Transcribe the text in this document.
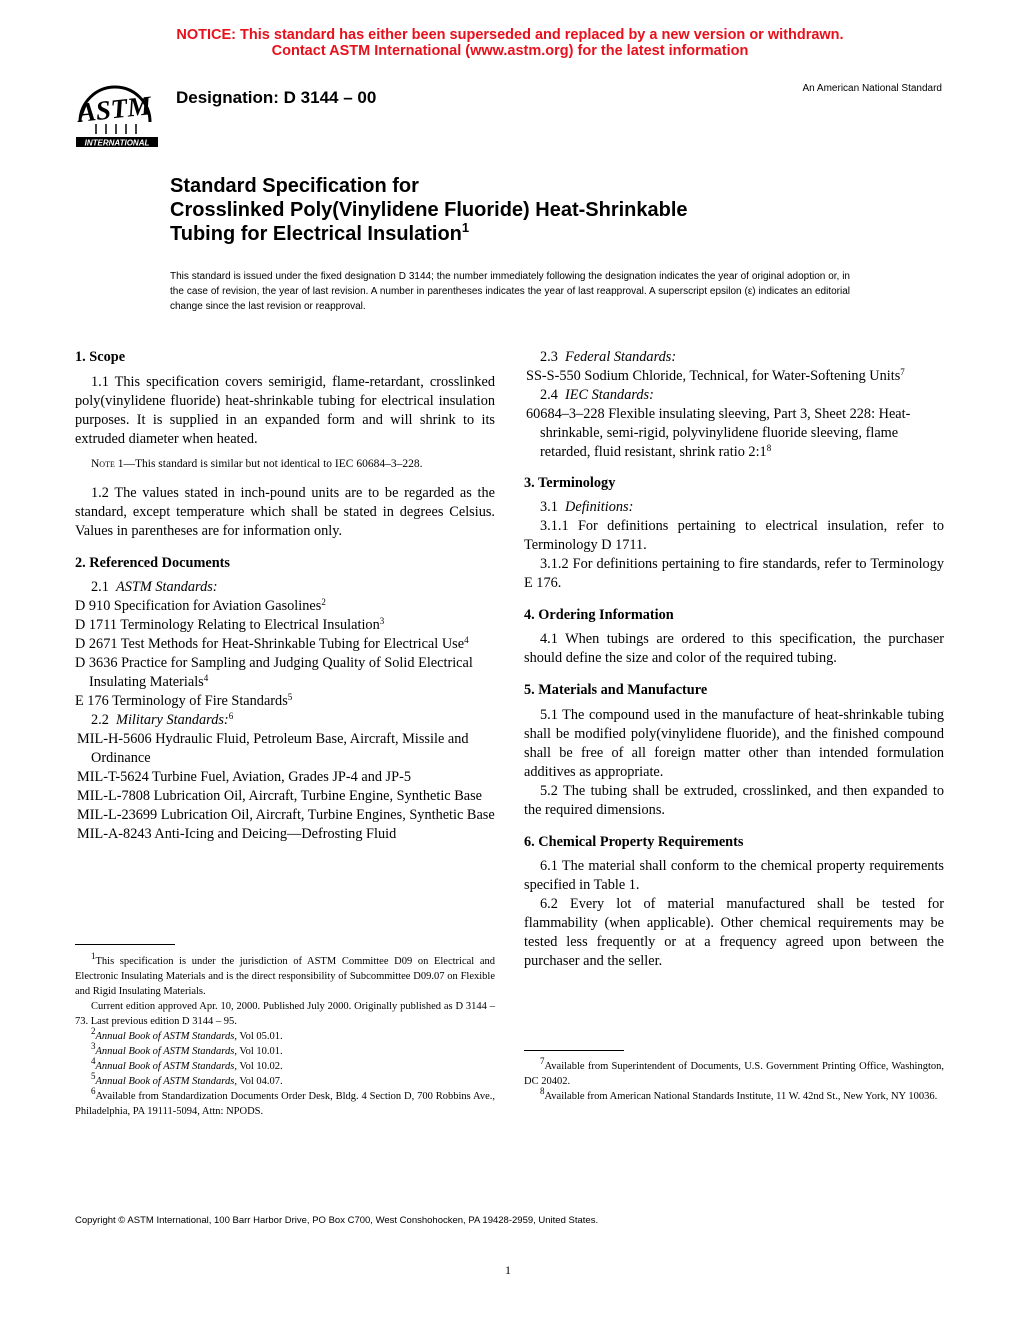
NOTICE: This standard has either been superseded and replaced by a new version or withdrawn.
Contact ASTM International (www.astm.org) for the latest information
ASTM
INTERNATIONAL
Designation: D 3144 – 00	An American National Standard
Standard Specification for
Crosslinked Poly(Vinylidene Fluoride) Heat-Shrinkable
Tubing for Electrical Insulation$^1$
This standard is issued under the fixed designation D 3144; the number immediately following the designation indicates the year of original adoption or, in the case of revision, the year of last revision. A number in parentheses indicates the year of last reapproval. A superscript epsilon (ε) indicates an editorial change since the last revision or reapproval.

1. Scope

1.1 This specification covers semirigid, flame-retardant, crosslinked poly(vinylidene fluoride) heat-shrinkable tubing for electrical insulation purposes. It is supplied in an expanded form and will shrink to its extruded diameter when heated.

Note 1—This standard is similar but not identical to IEC 60684–3–228.

1.2 The values stated in inch-pound units are to be regarded as the standard, except temperature which shall be stated in degrees Celsius. Values in parentheses are for information only.

2. Referenced Documents

2.1 ASTM Standards:

D 910 Specification for Aviation Gasolines$^2$

D 1711 Terminology Relating to Electrical Insulation$^3$

D 2671 Test Methods for Heat-Shrinkable Tubing for Electrical Use$^4$

D 3636 Practice for Sampling and Judging Quality of Solid Electrical Insulating Materials$^4$

E 176 Terminology of Fire Standards$^5$

2.2 Military Standards:$^6$

MIL-H-5606 Hydraulic Fluid, Petroleum Base, Aircraft, Missile and Ordinance

MIL-T-5624 Turbine Fuel, Aviation, Grades JP-4 and JP-5

MIL-L-7808 Lubrication Oil, Aircraft, Turbine Engine, Synthetic Base

MIL-L-23699 Lubrication Oil, Aircraft, Turbine Engines, Synthetic Base

MIL-A-8243 Anti-Icing and Deicing—Defrosting Fluid

$^1$This specification is under the jurisdiction of ASTM Committee D09 on Electrical and Electronic Insulating Materials and is the direct responsibility of Subcommittee D09.07 on Flexible and Rigid Insulating Materials.

Current edition approved Apr. 10, 2000. Published July 2000. Originally published as D 3144 – 73. Last previous edition D 3144 – 95.

$^2$Annual Book of ASTM Standards, Vol 05.01.

$^3$Annual Book of ASTM Standards, Vol 10.01.

$^4$Annual Book of ASTM Standards, Vol 10.02.

$^5$Annual Book of ASTM Standards, Vol 04.07.

$^6$Available from Standardization Documents Order Desk, Bldg. 4 Section D, 700 Robbins Ave., Philadelphia, PA 19111-5094, Attn: NPODS.

2.3 Federal Standards:

SS-S-550 Sodium Chloride, Technical, for Water-Softening Units$^7$

2.4 IEC Standards:

60684–3–228 Flexible insulating sleeving, Part 3, Sheet 228: Heat-shrinkable, semi-rigid, polyvinylidene fluoride sleeving, flame retarded, fluid resistant, shrink ratio $2:1^8$

3. Terminology

3.1 Definitions:

3.1.1 For definitions pertaining to electrical insulation, refer to Terminology D 1711.

3.1.2 For definitions pertaining to fire standards, refer to Terminology E 176.

4. Ordering Information

4.1 When tubings are ordered to this specification, the purchaser should define the size and color of the required tubing.

5. Materials and Manufacture

5.1 The compound used in the manufacture of heat-shrinkable tubing shall be modified poly(vinylidene fluoride), and the finished compound shall be free of all foreign matter other than intended formulation additives as appropriate.

5.2 The tubing shall be extruded, crosslinked, and then expanded to the required dimensions.

6. Chemical Property Requirements

6.1 The material shall conform to the chemical property requirements specified in Table 1.

6.2 Every lot of material manufactured shall be tested for flammability (when applicable). Other chemical requirements may be tested less frequently or at a frequency agreed upon between the purchaser and the seller.

$^7$Available from Superintendent of Documents, U.S. Government Printing Office, Washington, DC 20402.

$^8$Available from American National Standards Institute, 11 W. 42nd St., New York, NY 10036.

Copyright © ASTM International, 100 Barr Harbor Drive, PO Box C700, West Conshohocken, PA 19428-2959, United States.
1
